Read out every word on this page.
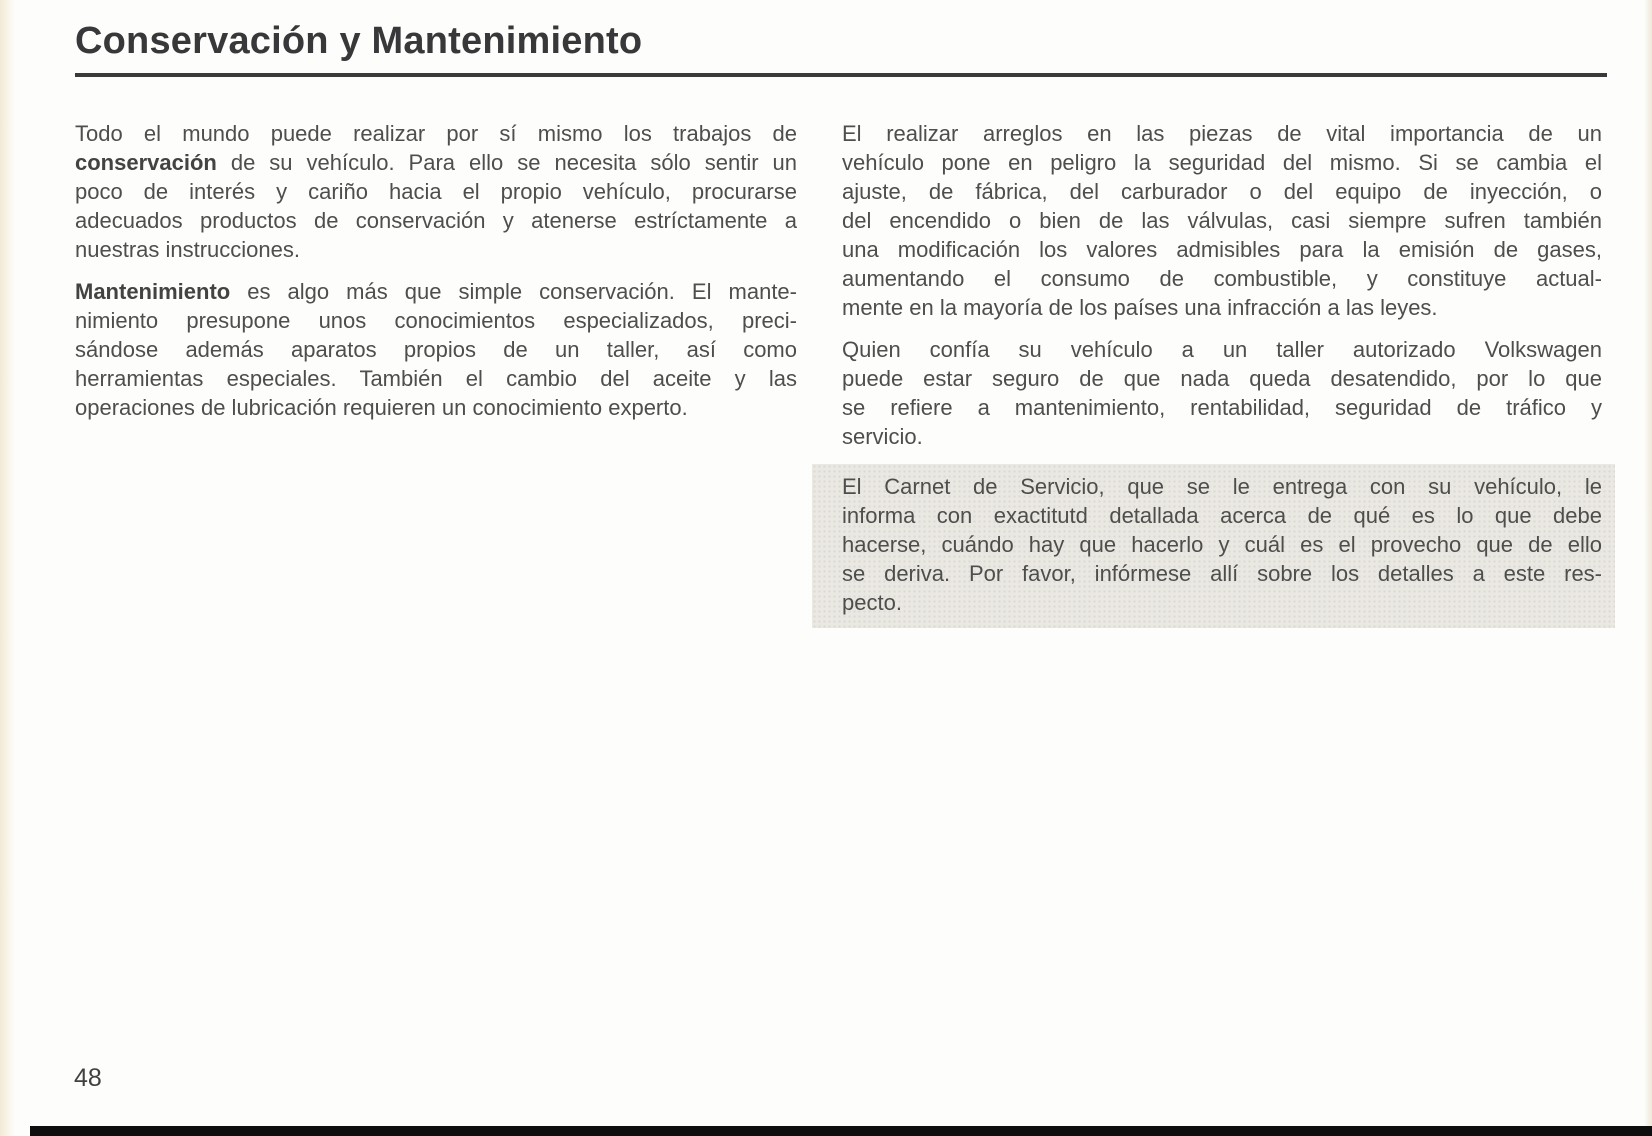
Conservación y Mantenimiento
Todo el mundo puede realizar por sí mismo los trabajos de
conservación de su vehículo. Para ello se necesita sólo sentir un
poco de interés y cariño hacia el propio vehículo, procurarse
adecuados productos de conservación y atenerse estríctamente a
nuestras instrucciones.
Mantenimiento es algo más que simple conservación. El mante-
nimiento presupone unos conocimientos especializados, preci-
sándose además aparatos propios de un taller, así como
herramientas especiales. También el cambio del aceite y las
operaciones de lubricación requieren un conocimiento experto.
El realizar arreglos en las piezas de vital importancia de un
vehículo pone en peligro la seguridad del mismo. Si se cambia el
ajuste, de fábrica, del carburador o del equipo de inyección, o
del encendido o bien de las válvulas, casi siempre sufren también
una modificación los valores admisibles para la emisión de gases,
aumentando el consumo de combustible, y constituye actual-
mente en la mayoría de los países una infracción a las leyes.
Quien confía su vehículo a un taller autorizado Volkswagen
puede estar seguro de que nada queda desatendido, por lo que
se refiere a mantenimiento, rentabilidad, seguridad de tráfico y
servicio.
El Carnet de Servicio, que se le entrega con su vehículo, le
informa con exactitutd detallada acerca de qué es lo que debe
hacerse, cuándo hay que hacerlo y cuál es el provecho que de ello
se deriva. Por favor, infórmese allí sobre los detalles a este res-
pecto.
48
